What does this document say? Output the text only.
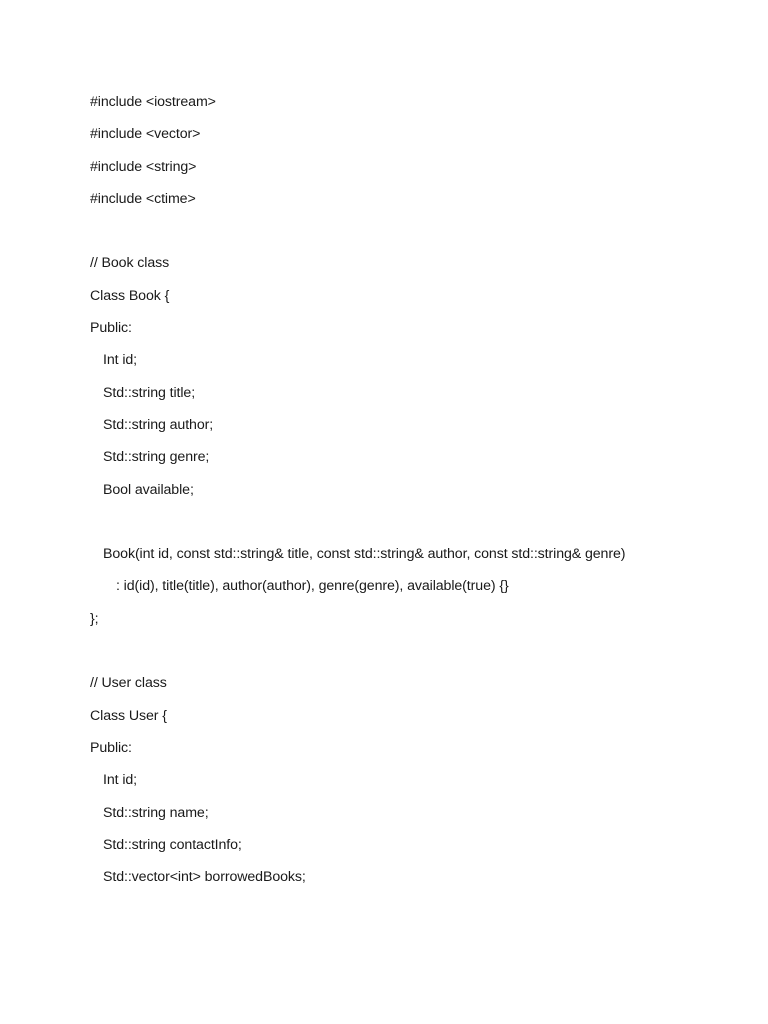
#include <iostream>
#include <vector>
#include <string>
#include <ctime>
// Book class
Class Book {
Public:
Int id;
Std::string title;
Std::string author;
Std::string genre;
Bool available;
Book(int id, const std::string& title, const std::string& author, const std::string& genre)
: id(id), title(title), author(author), genre(genre), available(true) {}
};
// User class
Class User {
Public:
Int id;
Std::string name;
Std::string contactInfo;
Std::vector<int> borrowedBooks;
